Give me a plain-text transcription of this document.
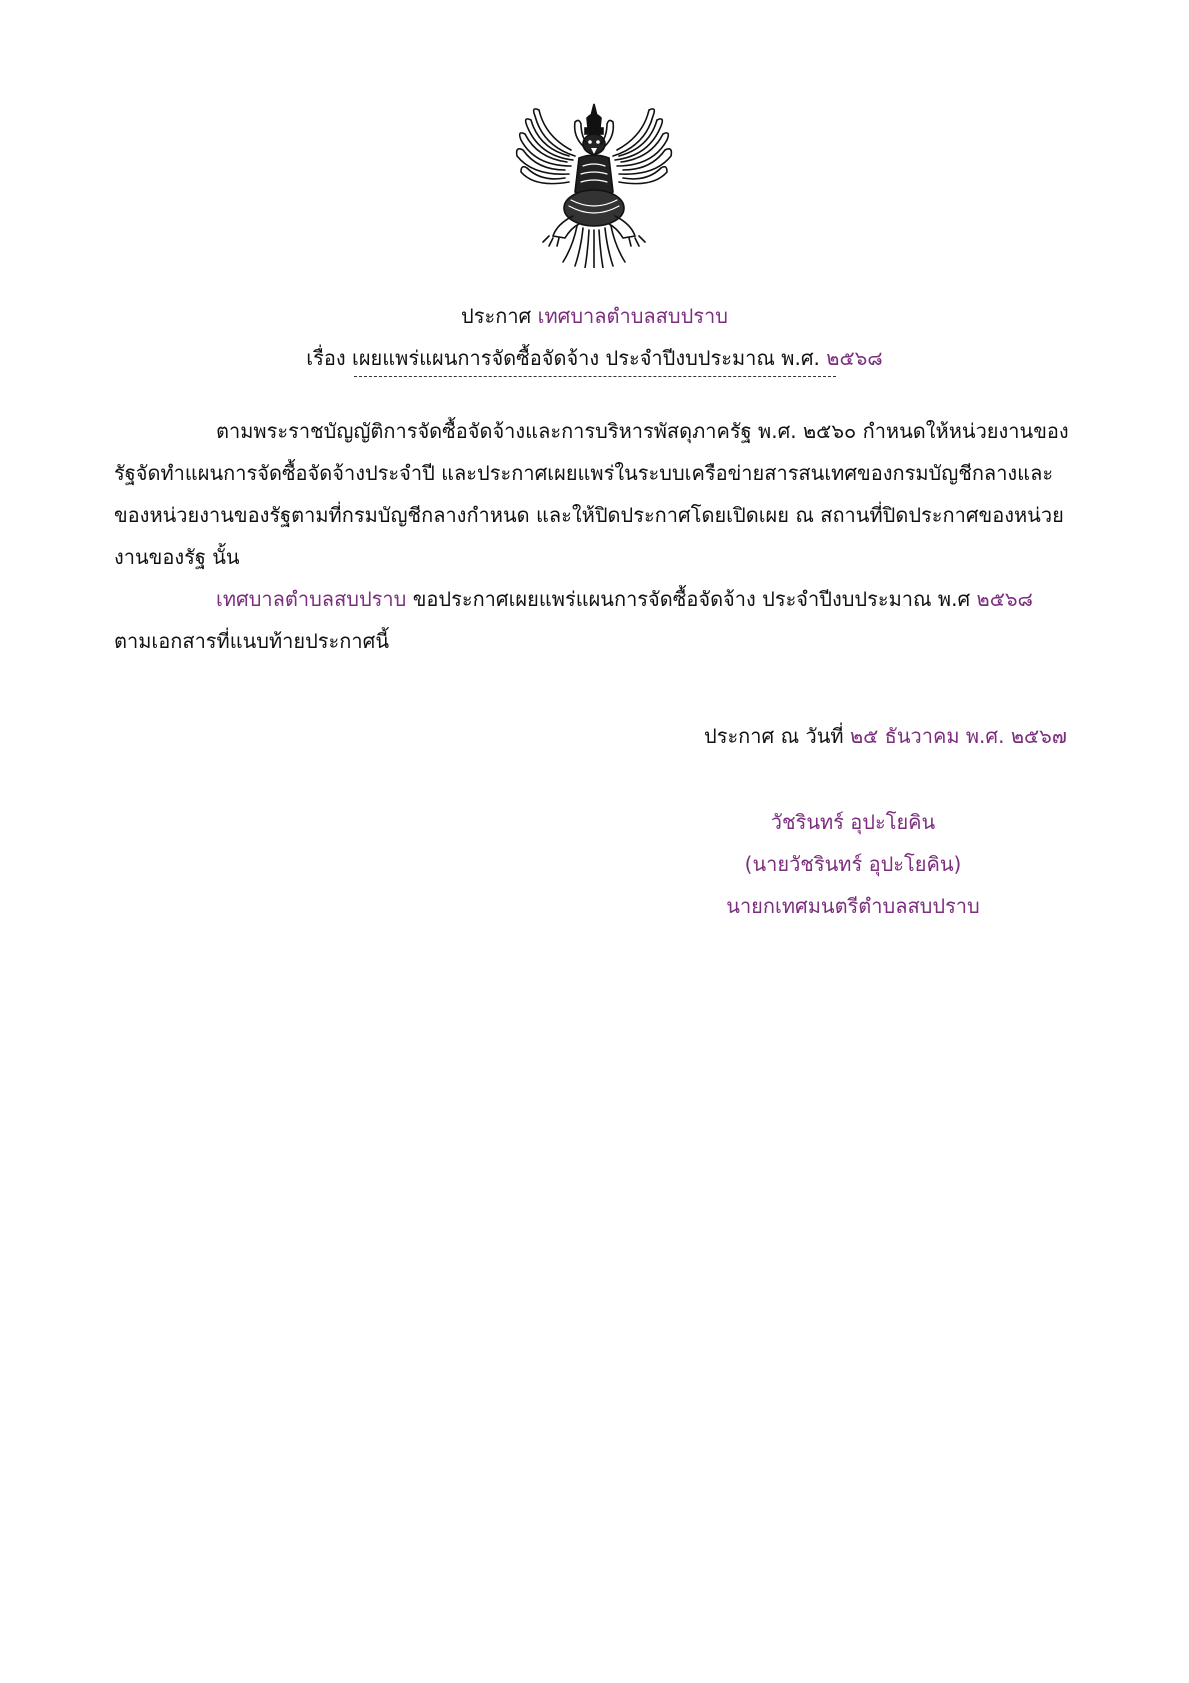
ประกาศ เทศบาลตำบลสบปราบ
เรื่อง เผยแพร่แผนการจัดซื้อจัดจ้าง ประจำปีงบประมาณ พ.ศ. ๒๕๖๘

ตามพระราชบัญญัติการจัดซื้อจัดจ้างและการบริหารพัสดุภาครัฐ พ.ศ. ๒๕๖๐ กำหนดให้หน่วยงานของรัฐจัดทำแผนการจัดซื้อจัดจ้างประจำปี และประกาศเผยแพร่ในระบบเครือข่ายสารสนเทศของกรมบัญชีกลางและของหน่วยงานของรัฐตามที่กรมบัญชีกลางกำหนด และให้ปิดประกาศโดยเปิดเผย ณ สถานที่ปิดประกาศของหน่วยงานของรัฐ นั้น

เทศบาลตำบลสบปราบ ขอประกาศเผยแพร่แผนการจัดซื้อจัดจ้าง ประจำปีงบประมาณ พ.ศ ๒๕๖๘ ตามเอกสารที่แนบท้ายประกาศนี้

ประกาศ ณ วันที่ ๒๕ ธันวาคม พ.ศ. ๒๕๖๗
วัชรินทร์ อุปะโยคิน
(นายวัชรินทร์ อุปะโยคิน)
นายกเทศมนตรีตำบลสบปราบ
